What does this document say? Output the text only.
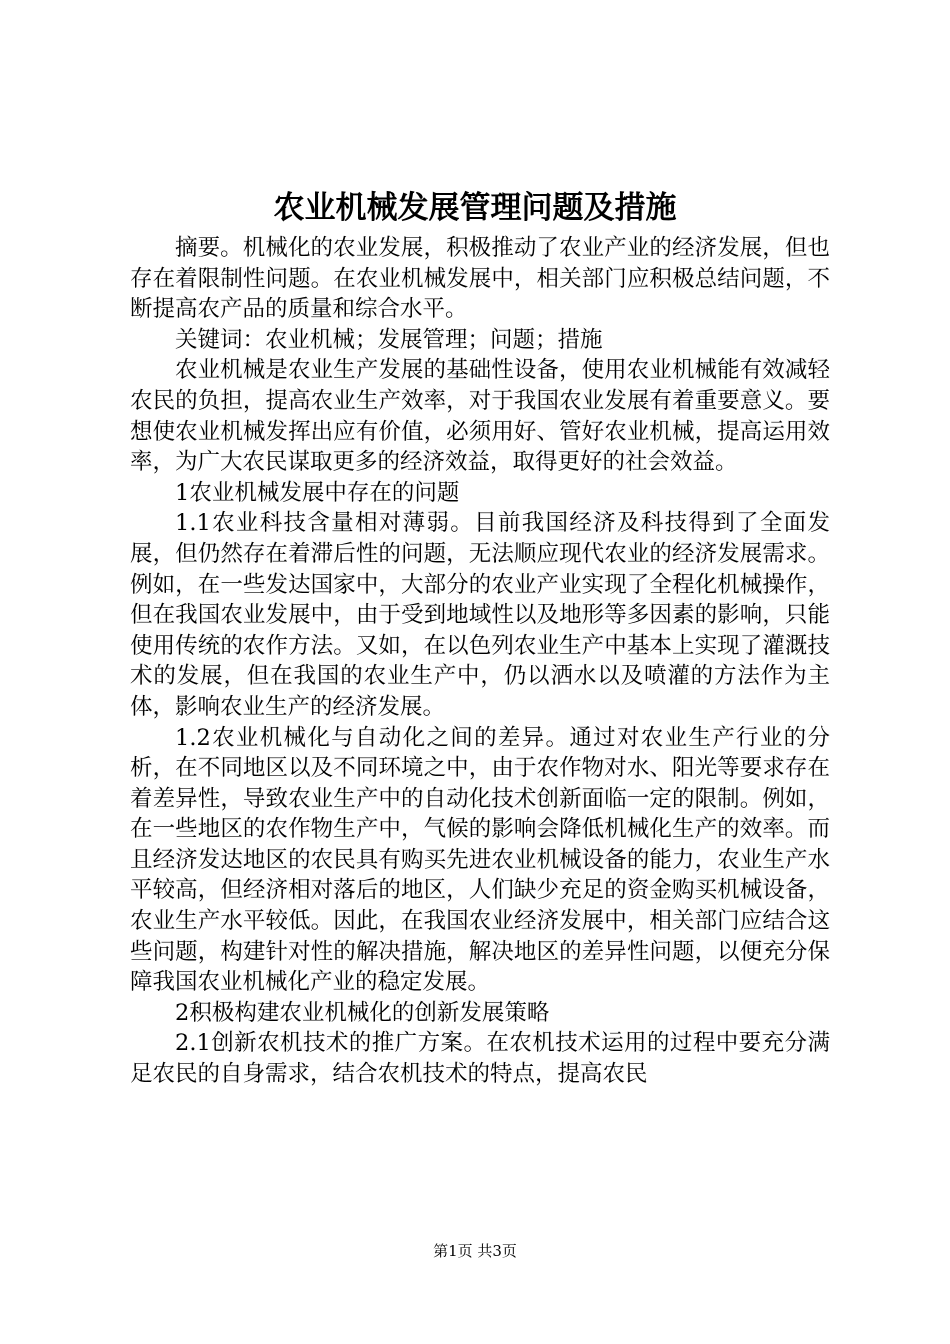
农业机械发展管理问题及措施

摘要。机械化的农业发展，积极推动了农业产业的经济发展，但也存在着限制性问题。在农业机械发展中，相关部门应积极总结问题，不断提高农产品的质量和综合水平。

关键词：农业机械；发展管理；问题；措施

农业机械是农业生产发展的基础性设备，使用农业机械能有效减轻农民的负担，提高农业生产效率，对于我国农业发展有着重要意义。要想使农业机械发挥出应有价值，必须用好、管好农业机械，提高运用效率，为广大农民谋取更多的经济效益，取得更好的社会效益。

1农业机械发展中存在的问题

1.1农业科技含量相对薄弱。目前我国经济及科技得到了全面发展，但仍然存在着滞后性的问题，无法顺应现代农业的经济发展需求。例如，在一些发达国家中，大部分的农业产业实现了全程化机械操作，但在我国农业发展中，由于受到地域性以及地形等多因素的影响，只能使用传统的农作方法。又如，在以色列农业生产中基本上实现了灌溉技术的发展，但在我国的农业生产中，仍以洒水以及喷灌的方法作为主体，影响农业生产的经济发展。

1.2农业机械化与自动化之间的差异。通过对农业生产行业的分析，在不同地区以及不同环境之中，由于农作物对水、阳光等要求存在着差异性，导致农业生产中的自动化技术创新面临一定的限制。例如，在一些地区的农作物生产中，气候的影响会降低机械化生产的效率。而且经济发达地区的农民具有购买先进农业机械设备的能力，农业生产水平较高，但经济相对落后的地区，人们缺少充足的资金购买机械设备，农业生产水平较低。因此，在我国农业经济发展中，相关部门应结合这些问题，构建针对性的解决措施，解决地区的差异性问题，以便充分保障我国农业机械化产业的稳定发展。

2积极构建农业机械化的创新发展策略

2.1创新农机技术的推广方案。在农机技术运用的过程中要充分满足农民的自身需求，结合农机技术的特点，提高农民

第1页 共3页
